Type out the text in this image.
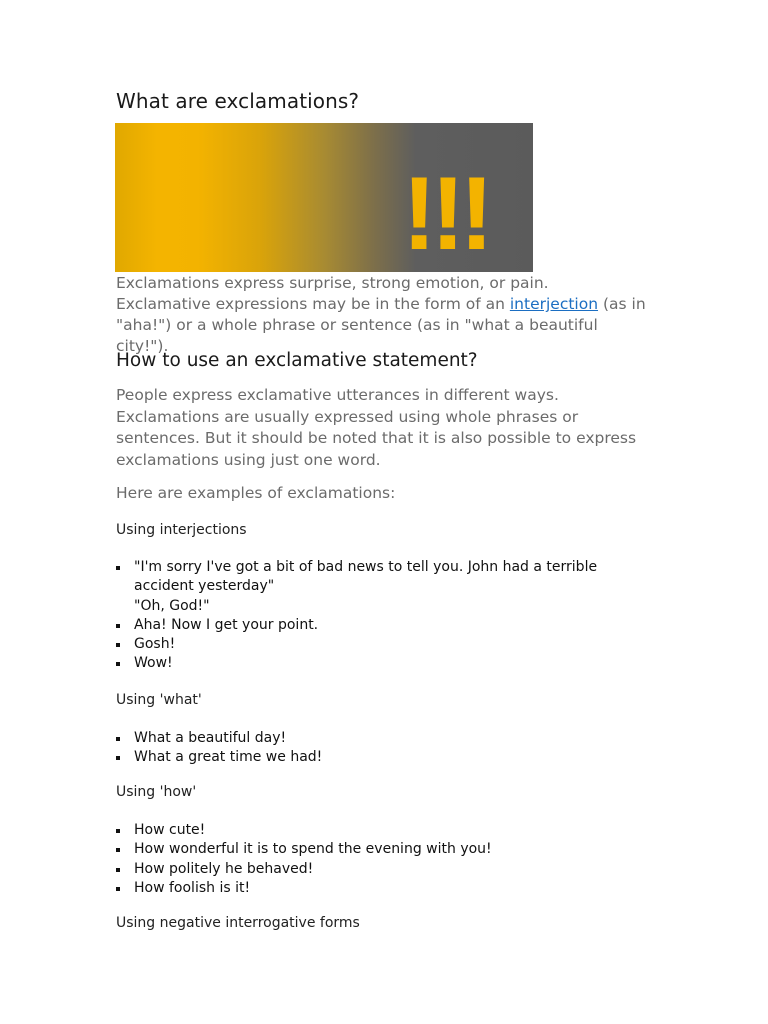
What are exclamations?
!!!

Exclamations express surprise, strong emotion, or pain. Exclamative expressions may be in the form of an interjection (as in "aha!") or a whole phrase or sentence (as in "what a beautiful city!").

How to use an exclamative statement?

People express exclamative utterances in different ways. Exclamations are usually expressed using whole phrases or sentences. But it should be noted that it is also possible to express exclamations using just one word.

Here are examples of exclamations:

Using interjections

"I'm sorry I've got a bit of bad news to tell you. John had a terrible
accident yesterday"
"Oh, God!"
Aha! Now I get your point.
Gosh!
Wow!

Using 'what'

What a beautiful day!
What a great time we had!

Using 'how'

How cute!
How wonderful it is to spend the evening with you!
How politely he behaved!
How foolish is it!

Using negative interrogative forms
